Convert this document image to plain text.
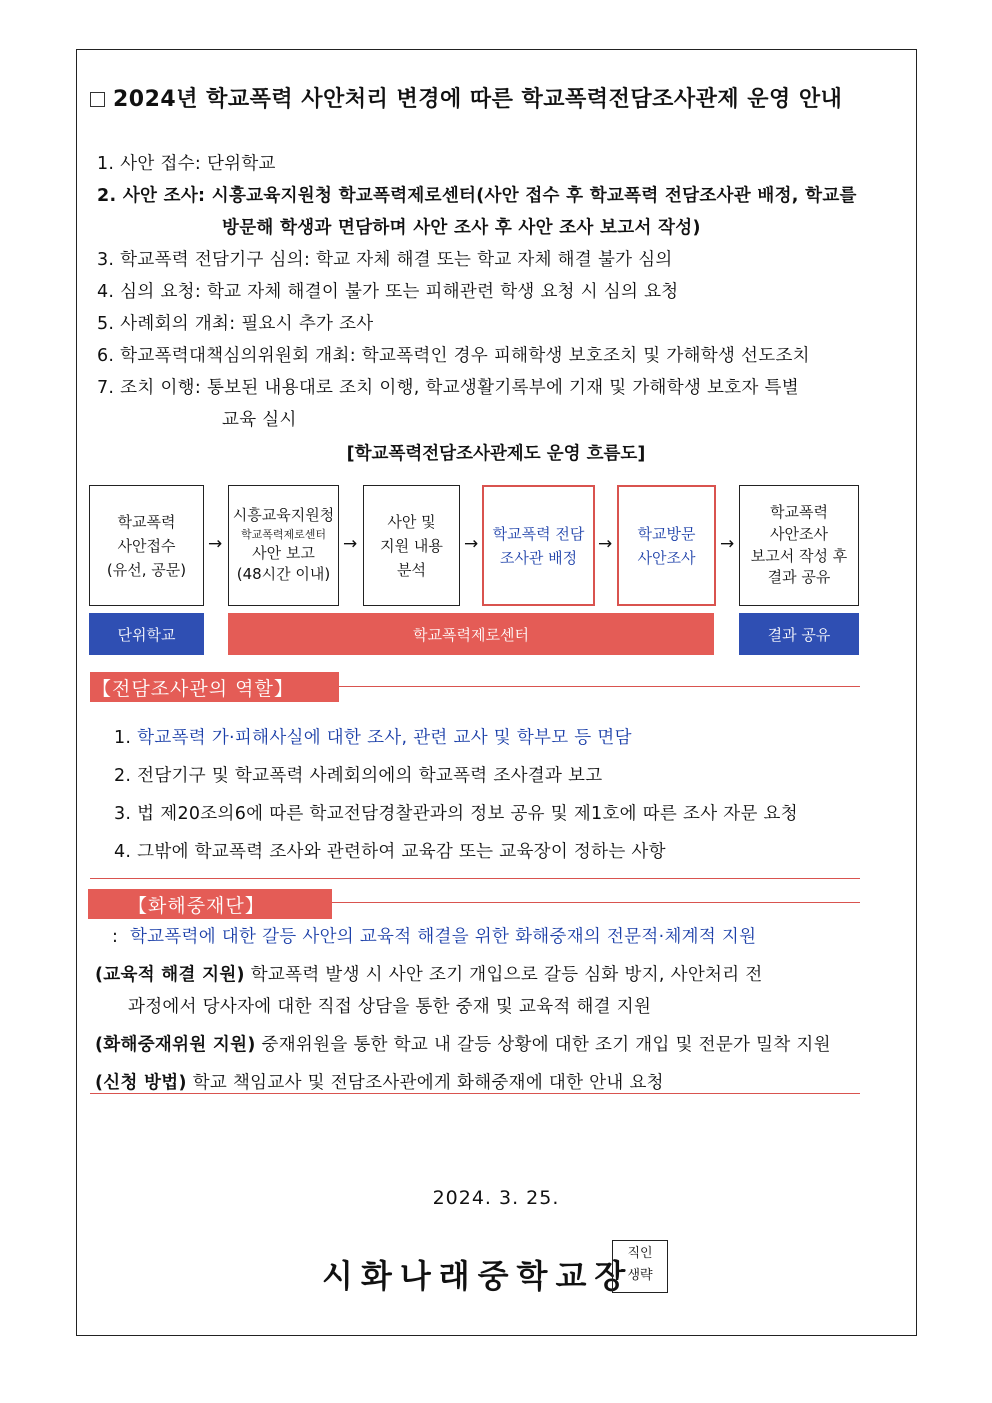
2024년 학교폭력 사안처리 변경에 따른 학교폭력전담조사관제 운영 안내
1. 사안 접수: 단위학교
2. 사안 조사: 시흥교육지원청 학교폭력제로센터(사안 접수 후 학교폭력 전담조사관 배정, 학교를
방문해 학생과 면담하며 사안 조사 후 사안 조사 보고서 작성)
3. 학교폭력 전담기구 심의: 학교 자체 해결 또는 학교 자체 해결 불가 심의
4. 심의 요청: 학교 자체 해결이 불가 또는 피해관련 학생 요청 시 심의 요청
5. 사례회의 개최: 필요시 추가 조사
6. 학교폭력대책심의위원회 개최: 학교폭력인 경우 피해학생 보호조치 및 가해학생 선도조치
7. 조치 이행: 통보된 내용대로 조치 이행, 학교생활기록부에 기재 및 가해학생 보호자 특별
교육 실시
[학교폭력전담조사관제도 운영 흐름도]
학교폭력
사안접수
(유선, 공문)
→
시흥교육지원청
학교폭력제로센터
사안 보고
(48시간 이내)
→
사안 및
지원 내용
분석
→
학교폭력 전담
조사관 배정
→
학교방문
사안조사
→
학교폭력
사안조사
보고서 작성 후
결과 공유
단위학교	학교폭력제로센터	결과 공유
【전담조사관의 역할】
1. 학교폭력 가·피해사실에 대한 조사, 관련 교사 및 학부모 등 면담
2. 전담기구 및 학교폭력 사례회의에의 학교폭력 조사결과 보고
3. 법 제20조의6에 따른 학교전담경찰관과의 정보 공유 및 제1호에 따른 조사 자문 요청
4. 그밖에 학교폭력 조사와 관련하여 교육감 또는 교육장이 정하는 사항
【화해중재단】
: 학교폭력에 대한 갈등 사안의 교육적 해결을 위한 화해중재의 전문적·체계적 지원
(교육적 해결 지원) 학교폭력 발생 시 사안 조기 개입으로 갈등 심화 방지, 사안처리 전
과정에서 당사자에 대한 직접 상담을 통한 중재 및 교육적 해결 지원
(화해중재위원 지원) 중재위원을 통한 학교 내 갈등 상황에 대한 조기 개입 및 전문가 밀착 지원
(신청 방법) 학교 책임교사 및 전담조사관에게 화해중재에 대한 안내 요청
2024. 3. 25.
시화나래중학교장
직인
생략
